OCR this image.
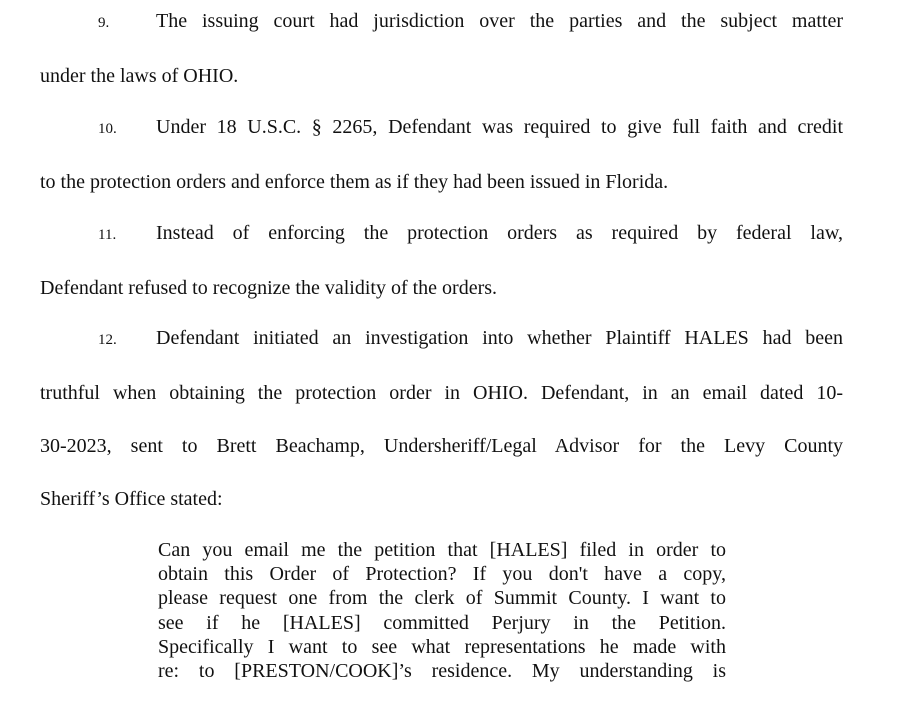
9. The issuing court had jurisdiction over the parties and the subject matter
under the laws of OHIO.
10. Under 18 U.S.C. § 2265, Defendant was required to give full faith and credit
to the protection orders and enforce them as if they had been issued in Florida.
11. Instead of enforcing the protection orders as required by federal law,
Defendant refused to recognize the validity of the orders.
12. Defendant initiated an investigation into whether Plaintiff HALES had been
truthful when obtaining the protection order in OHIO. Defendant, in an email dated 10-
30-2023, sent to Brett Beachamp, Undersheriff/Legal Advisor for the Levy County
Sheriff’s Office stated:
Can you email me the petition that [HALES] filed in order to
obtain this Order of Protection? If you don't have a copy,
please request one from the clerk of Summit County. I want to
see if he [HALES] committed Perjury in the Petition.
Specifically I want to see what representations he made with
re: to [PRESTON/COOK]’s residence. My understanding is
